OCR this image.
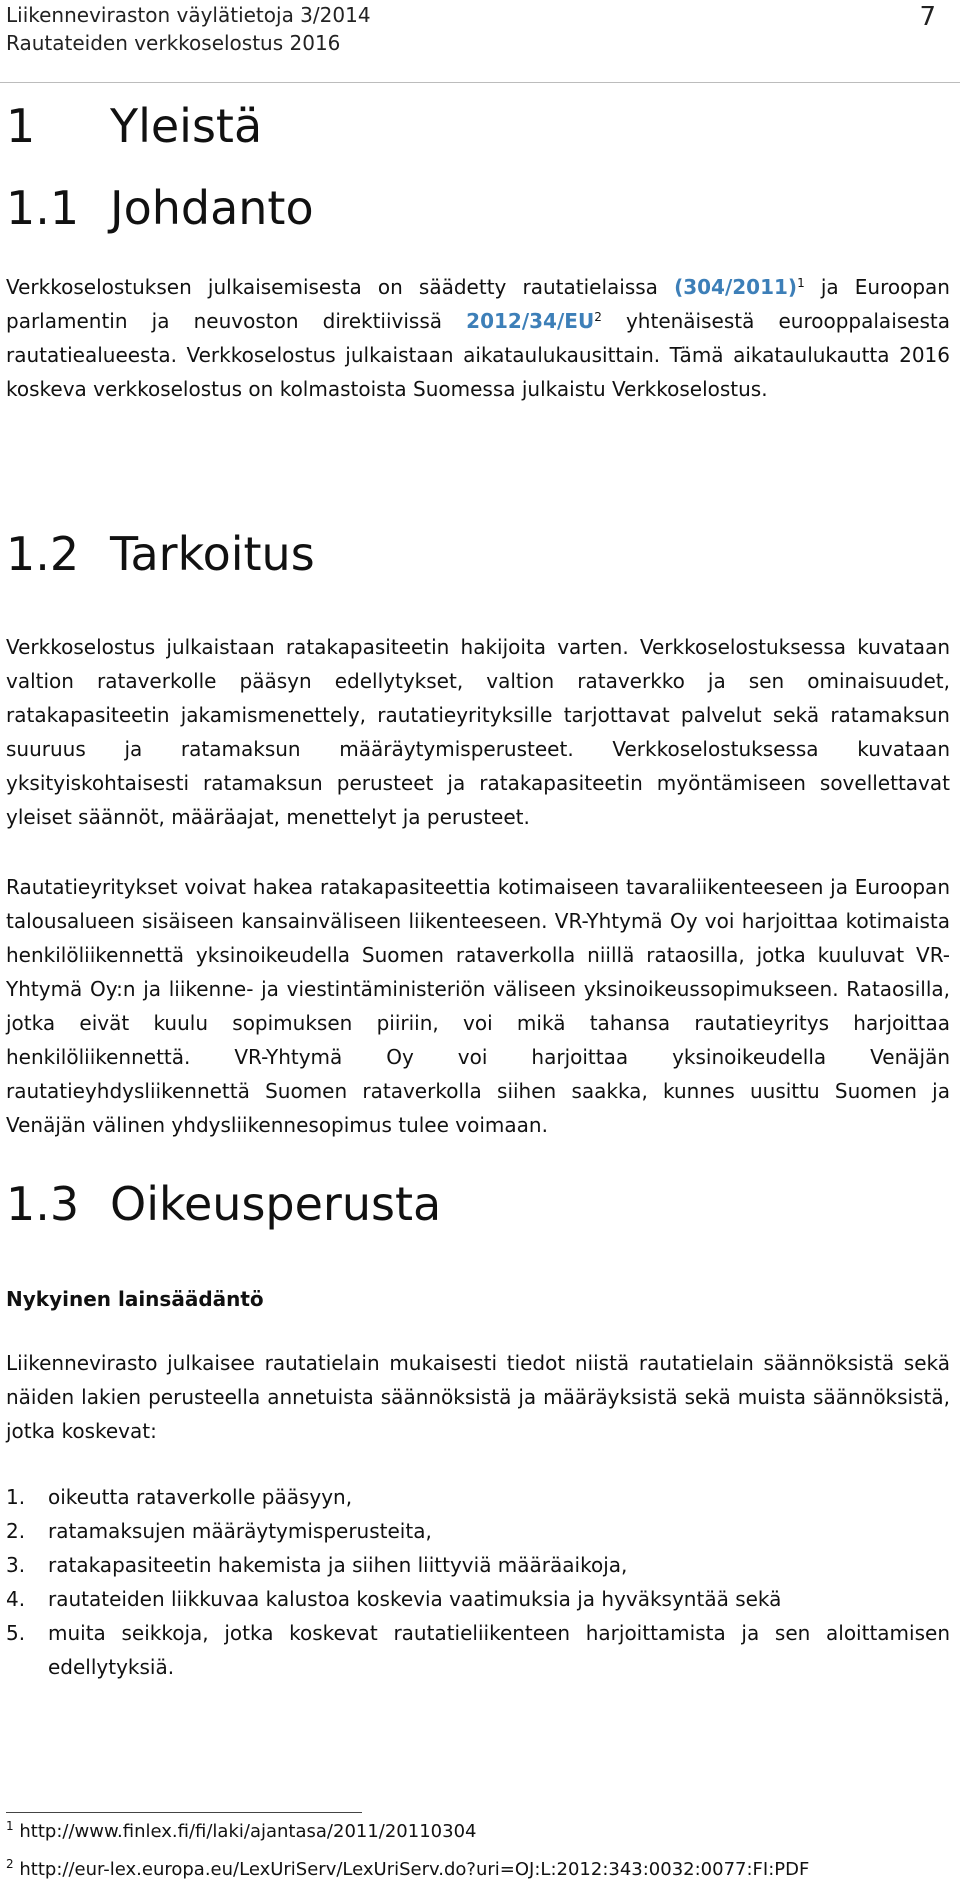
Liikenneviraston väylätietoja 3/2014
Rautateiden verkkoselostus 2016
7
1 Yleistä
1.1 Johdanto
Verkkoselostuksen julkaisemisesta on säädetty rautatielaissa $(304/2011)^1$ ja Euroopan parlamentin ja neuvoston direktiivissä $2012/34/EU^2$ yhtenäisestä eurooppalaisesta rautatiealueesta. Verkkoselostus julkaistaan aikataulukausittain. Tämä aikataulukautta 2016 koskeva verkkoselostus on kolmastoista Suomessa julkaistu Verkkoselostus.
1.2 Tarkoitus
Verkkoselostus julkaistaan ratakapasiteetin hakijoita varten. Verkkoselostuksessa kuvataan valtion rataverkolle pääsyn edellytykset, valtion rataverkko ja sen ominaisuudet, ratakapasiteetin jakamismenettely, rautatieyrityksille tarjottavat palvelut sekä ratamaksun suuruus ja ratamaksun määräytymisperusteet. Verkkoselostuksessa kuvataan yksityiskohtaisesti ratamaksun perusteet ja ratakapasiteetin myöntämiseen sovellettavat yleiset säännöt, määräajat, menettelyt ja perusteet.
Rautatieyritykset voivat hakea ratakapasiteettia kotimaiseen tavaraliikenteeseen ja Euroopan talousalueen sisäiseen kansainväliseen liikenteeseen. VR-Yhtymä Oy voi harjoittaa kotimaista henkilöliikennettä yksinoikeudella Suomen rataverkolla niillä rataosilla, jotka kuuluvat VR-Yhtymä Oy:n ja liikenne- ja viestintäministeriön väliseen yksinoikeussopimukseen. Rataosilla, jotka eivät kuulu sopimuksen piiriin, voi mikä tahansa rautatieyritys harjoittaa henkilöliikennettä. VR-Yhtymä Oy voi harjoittaa yksinoikeudella Venäjän rautatieyhdysliikennettä Suomen rataverkolla siihen saakka, kunnes uusittu Suomen ja Venäjän välinen yhdysliikennesopimus tulee voimaan.
1.3 Oikeusperusta
Nykyinen lainsäädäntö
Liikennevirasto julkaisee rautatielain mukaisesti tiedot niistä rautatielain säännöksistä sekä näiden lakien perusteella annetuista säännöksistä ja määräyksistä sekä muista säännöksistä, jotka koskevat:
1. oikeutta rataverkolle pääsyyn,
2. ratamaksujen määräytymisperusteita,
3. ratakapasiteetin hakemista ja siihen liittyviä määräaikoja,
4. rautateiden liikkuvaa kalustoa koskevia vaatimuksia ja hyväksyntää sekä
5. muita seikkoja, jotka koskevat rautatieliikenteen harjoittamista ja sen aloittamisen edellytyksiä.
$^1$ http://www.finlex.fi/fi/laki/ajantasa/2011/20110304
$^2$ http://eur-lex.europa.eu/LexUriServ/LexUriServ.do?uri=OJ:L:2012:343:0032:0077:FI:PDF
